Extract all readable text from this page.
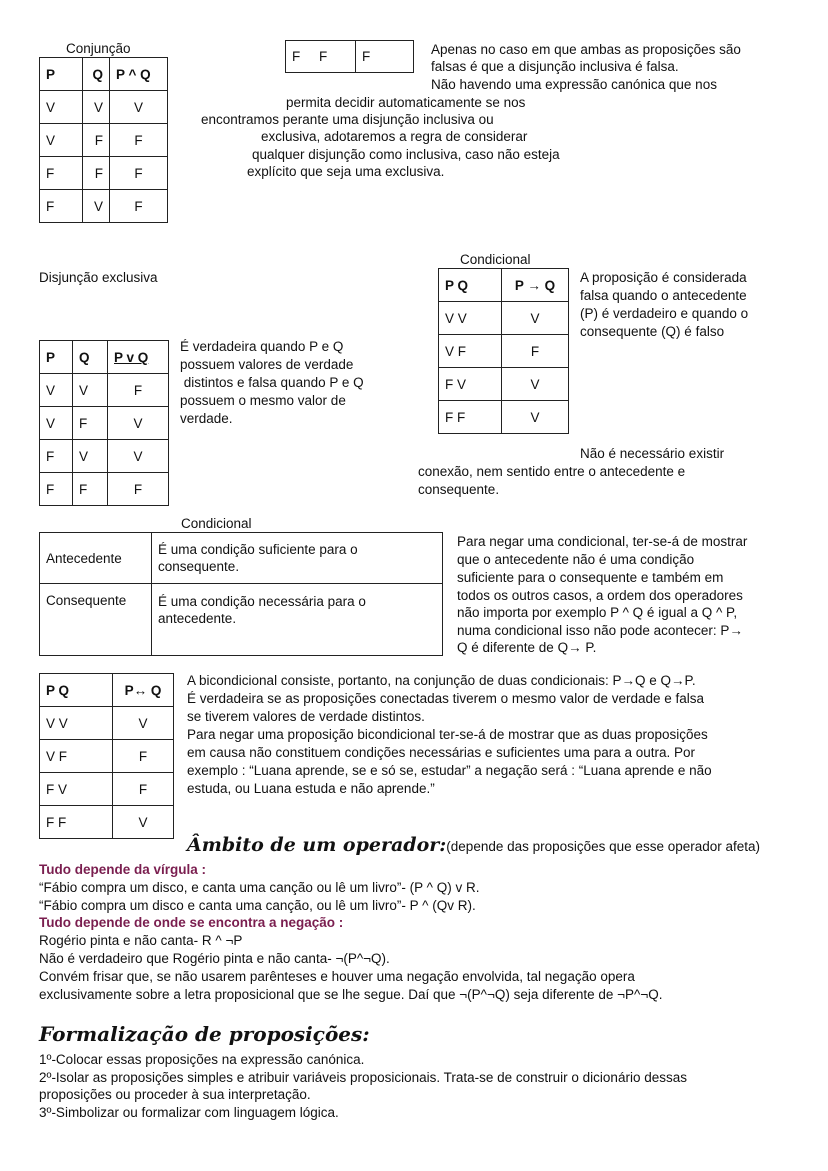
Conjunção
P	Q	P ^ Q
V	V	V
V	F	F
F	F	F
F	V	F
F F	F	Apenas no caso em que ambas as proposições são
falsas é que a disjunção inclusiva é falsa.
Não havendo uma expressão canónica que nos
permita decidir automaticamente se nos
encontramos perante uma disjunção inclusiva ou
exclusiva, adotaremos a regra de considerar
qualquer disjunção como inclusiva, caso não esteja
explícito que seja uma exclusiva.
Disjunção exclusiva
P	Q	P v Q
V	V	F
V	F	V
F	V	V
F	F	F
É verdadeira quando P e Q
possuem valores de verdade
distintos e falsa quando P e Q
possuem o mesmo valor de
verdade.
Condicional
P Q	P → Q
V V	V
V F	F
F V	V
F F	V
A proposição é considerada
falsa quando o antecedente
(P) é verdadeiro e quando o
consequente (Q) é falso
Não é necessário existir
conexão, nem sentido entre o antecedente e
consequente.
Condicional
Antecedente	É uma condição suficiente para o
consequente.

Consequente	É uma condição necessária para o
antecedente.
Para negar uma condicional, ter-se-á de mostrar
que o antecedente não é uma condição
suficiente para o consequente e também em
todos os outros casos, a ordem dos operadores
não importa por exemplo P ^ Q é igual a Q ^ P,
numa condicional isso não pode acontecer: P→
Q é diferente de Q→ P.
P Q	P↔ Q
V V	V
V F	F
F V	F
F F	V
A bicondicional consiste, portanto, na conjunção de duas condicionais: P→Q e Q→P.
É verdadeira se as proposições conectadas tiverem o mesmo valor de verdade e falsa
se tiverem valores de verdade distintos.
Para negar uma proposição bicondicional ter-se-á de mostrar que as duas proposições
em causa não constituem condições necessárias e suficientes uma para a outra. Por
exemplo : “Luana aprende, se e só se, estudar” a negação será : “Luana aprende e não
estuda, ou Luana estuda e não aprende.”
Âmbito de um operador:(depende das proposições que esse operador afeta)
Tudo depende da vírgula :
“Fábio compra um disco, e canta uma canção ou lê um livro”- (P ^ Q) v R.
“Fábio compra um disco e canta uma canção, ou lê um livro”- P ^ (Qv R).
Tudo depende de onde se encontra a negação :
Rogério pinta e não canta- R ^ ¬P
Não é verdadeiro que Rogério pinta e não canta- ¬(P^¬Q).
Convém frisar que, se não usarem parênteses e houver uma negação envolvida, tal negação opera
exclusivamente sobre a letra proposicional que se lhe segue. Daí que ¬(P^¬Q) seja diferente de ¬P^¬Q.
Formalização de proposições:
1º-Colocar essas proposições na expressão canónica.
2º-Isolar as proposições simples e atribuir variáveis proposicionais. Trata-se de construir o dicionário dessas
proposições ou proceder à sua interpretação.
3º-Simbolizar ou formalizar com linguagem lógica.
